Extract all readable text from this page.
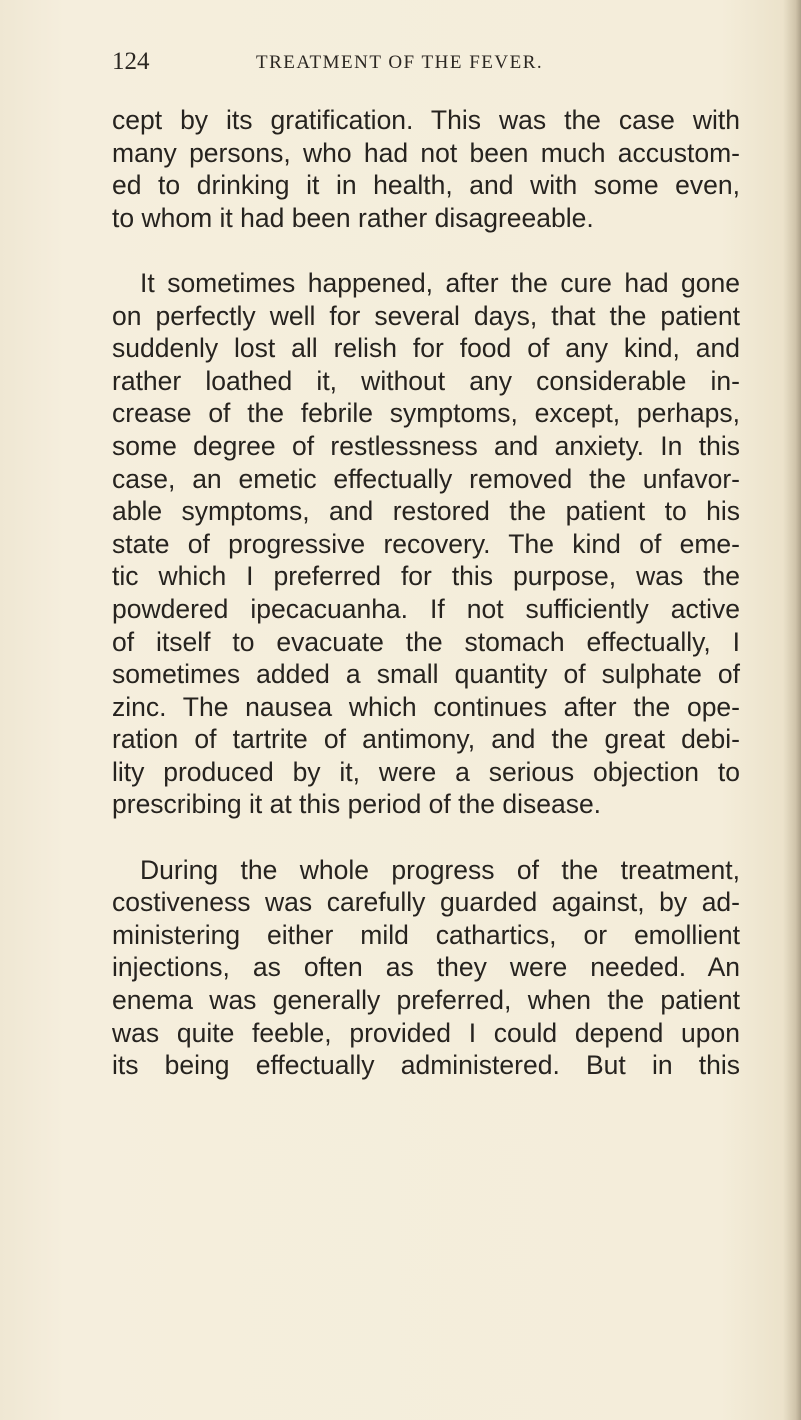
124	TREATMENT OF THE FEVER.

cept by its gratification. This was the case with
many persons, who had not been much accustom-
ed to drinking it in health, and with some even,
to whom it had been rather disagreeable.

It sometimes happened, after the cure had gone
on perfectly well for several days, that the patient
suddenly lost all relish for food of any kind, and
rather loathed it, without any considerable in-
crease of the febrile symptoms, except, perhaps,
some degree of restlessness and anxiety. In this
case, an emetic effectually removed the unfavor-
able symptoms, and restored the patient to his
state of progressive recovery. The kind of eme-
tic which I preferred for this purpose, was the
powdered ipecacuanha. If not sufficiently active
of itself to evacuate the stomach effectually, I
sometimes added a small quantity of sulphate of
zinc. The nausea which continues after the ope-
ration of tartrite of antimony, and the great debi-
lity produced by it, were a serious objection to
prescribing it at this period of the disease.

During the whole progress of the treatment,
costiveness was carefully guarded against, by ad-
ministering either mild cathartics, or emollient
injections, as often as they were needed. An
enema was generally preferred, when the patient
was quite feeble, provided I could depend upon
its being effectually administered. But in this
